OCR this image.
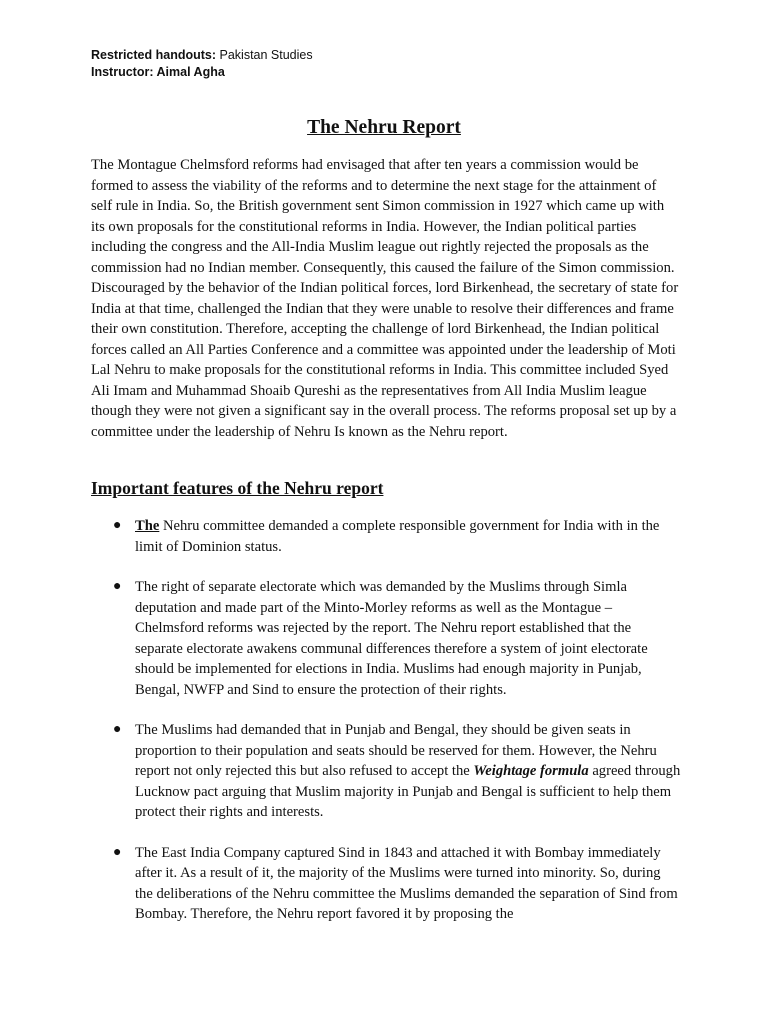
Restricted handouts: Pakistan Studies
Instructor: Aimal Agha
The Nehru Report

The Montague Chelmsford reforms had envisaged that after ten years a commission would be formed to assess the viability of the reforms and to determine the next stage for the attainment of self rule in India. So, the British government sent Simon commission in 1927 which came up with its own proposals for the constitutional reforms in India. However, the Indian political parties including the congress and the All-India Muslim league out rightly rejected the proposals as the commission had no Indian member. Consequently, this caused the failure of the Simon commission. Discouraged by the behavior of the Indian political forces, lord Birkenhead, the secretary of state for India at that time, challenged the Indian that they were unable to resolve their differences and frame their own constitution. Therefore, accepting the challenge of lord Birkenhead, the Indian political forces called an All Parties Conference and a committee was appointed under the leadership of Moti Lal Nehru to make proposals for the constitutional reforms in India. This committee included Syed Ali Imam and Muhammad Shoaib Qureshi as the representatives from All India Muslim league though they were not given a significant say in the overall process. The reforms proposal set up by a committee under the leadership of Nehru Is known as the Nehru report.

Important features of the Nehru report
● The Nehru committee demanded a complete responsible government for India with in the limit of Dominion status.
● The right of separate electorate which was demanded by the Muslims through Simla deputation and made part of the Minto-Morley reforms as well as the Montague – Chelmsford reforms was rejected by the report. The Nehru report established that the separate electorate awakens communal differences therefore a system of joint electorate should be implemented for elections in India. Muslims had enough majority in Punjab, Bengal, NWFP and Sind to ensure the protection of their rights.
● The Muslims had demanded that in Punjab and Bengal, they should be given seats in proportion to their population and seats should be reserved for them. However, the Nehru report not only rejected this but also refused to accept the Weightage formula agreed through Lucknow pact arguing that Muslim majority in Punjab and Bengal is sufficient to help them protect their rights and interests.
● The East India Company captured Sind in 1843 and attached it with Bombay immediately after it. As a result of it, the majority of the Muslims were turned into minority. So, during the deliberations of the Nehru committee the Muslims demanded the separation of Sind from Bombay. Therefore, the Nehru report favored it by proposing the
